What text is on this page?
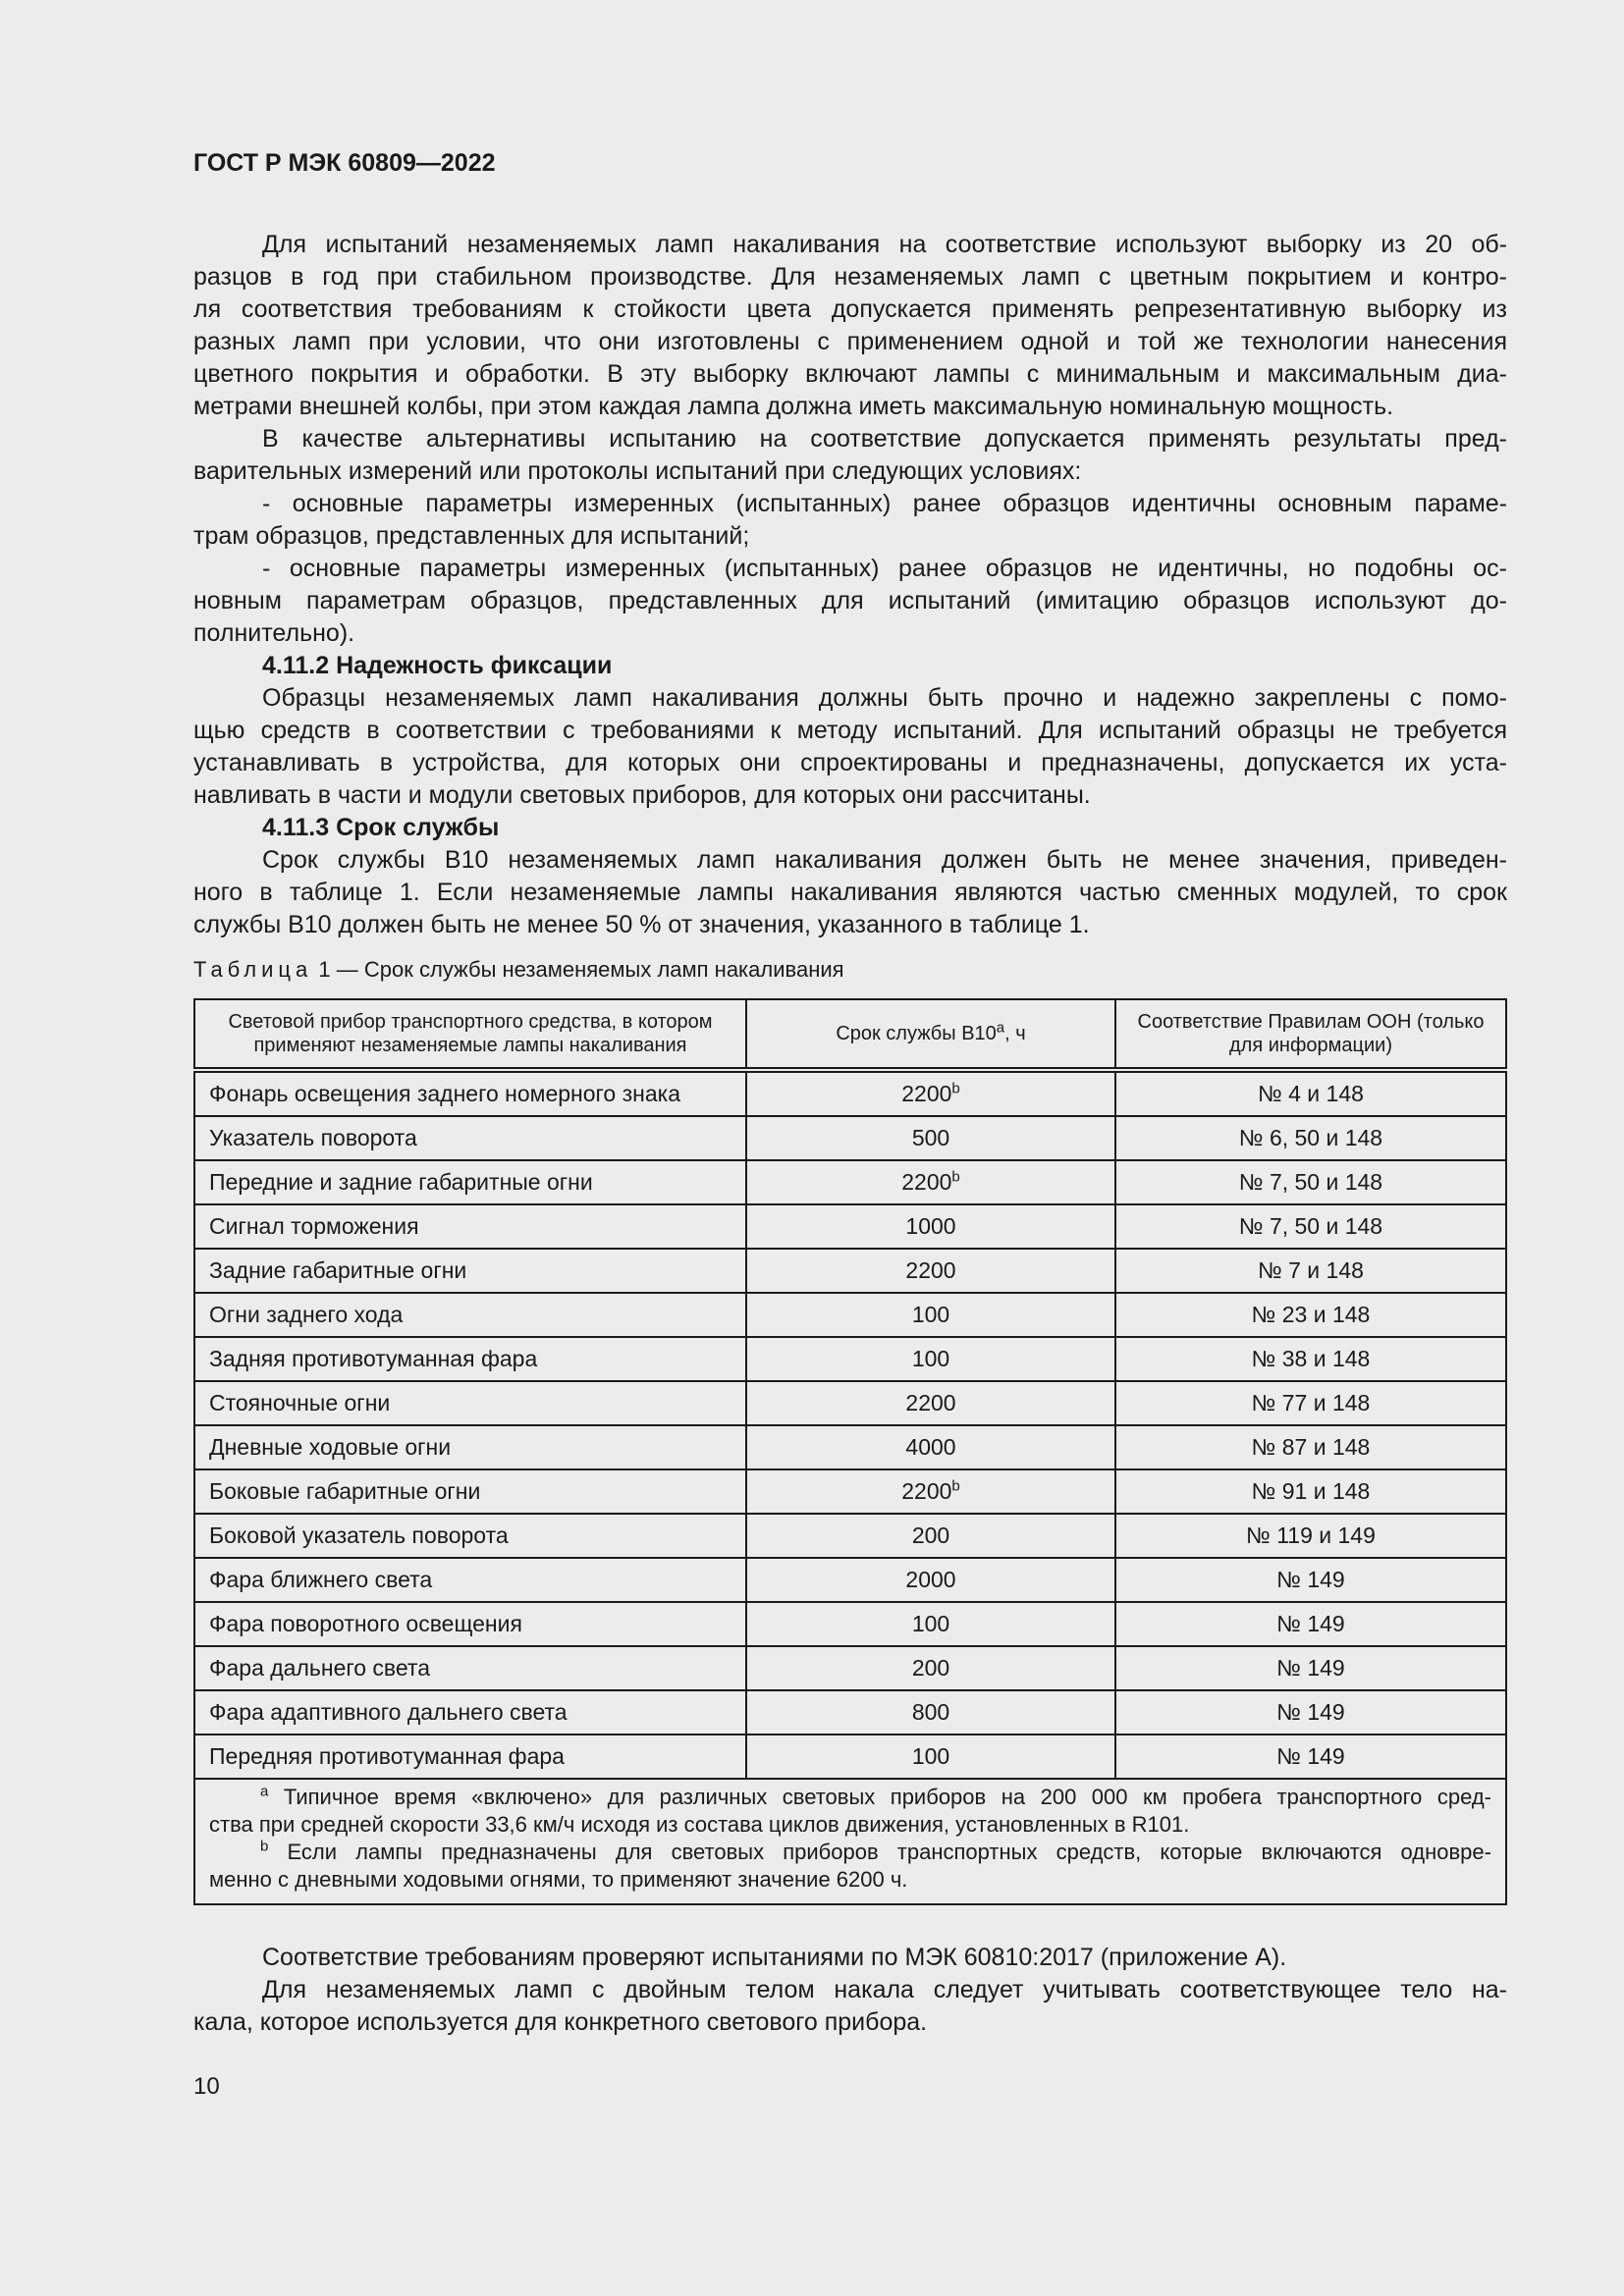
ГОСТ Р МЭК 60809—2022
Для испытаний незаменяемых ламп накаливания на соответствие используют выборку из 20 об-
разцов в год при стабильном производстве. Для незаменяемых ламп с цветным покрытием и контро-
ля соответствия требованиям к стойкости цвета допускается применять репрезентативную выборку из
разных ламп при условии, что они изготовлены с применением одной и той же технологии нанесения
цветного покрытия и обработки. В эту выборку включают лампы с минимальным и максимальным диа-
метрами внешней колбы, при этом каждая лампа должна иметь максимальную номинальную мощность.
В качестве альтернативы испытанию на соответствие допускается применять результаты пред-
варительных измерений или протоколы испытаний при следующих условиях:
- основные параметры измеренных (испытанных) ранее образцов идентичны основным параме-
трам образцов, представленных для испытаний;
- основные параметры измеренных (испытанных) ранее образцов не идентичны, но подобны ос-
новным параметрам образцов, представленных для испытаний (имитацию образцов используют до-
полнительно).
4.11.2 Надежность фиксации
Образцы незаменяемых ламп накаливания должны быть прочно и надежно закреплены с помо-
щью средств в соответствии с требованиями к методу испытаний. Для испытаний образцы не требуется
устанавливать в устройства, для которых они спроектированы и предназначены, допускается их уста-
навливать в части и модули световых приборов, для которых они рассчитаны.
4.11.3 Срок службы
Срок службы В10 незаменяемых ламп накаливания должен быть не менее значения, приведен-
ного в таблице 1. Если незаменяемые лампы накаливания являются частью сменных модулей, то срок
службы В10 должен быть не менее 50 % от значения, указанного в таблице 1.
Таблица 1 — Срок службы незаменяемых ламп накаливания
Световой прибор транспортного средства, в котором применяют незаменяемые лампы накаливания	Срок службы В10$^a$, ч	Соответствие Правилам ООН (только для информации)
Фонарь освещения заднего номерного знака	2200$^b$	№ 4 и 148
Указатель поворота	500	№ 6, 50 и 148
Передние и задние габаритные огни	2200$^b$	№ 7, 50 и 148
Сигнал торможения	1000	№ 7, 50 и 148
Задние габаритные огни	2200	№ 7 и 148
Огни заднего хода	100	№ 23 и 148
Задняя противотуманная фара	100	№ 38 и 148
Стояночные огни	2200	№ 77 и 148
Дневные ходовые огни	4000	№ 87 и 148
Боковые габаритные огни	2200$^b$	№ 91 и 148
Боковой указатель поворота	200	№ 119 и 149
Фара ближнего света	2000	№ 149
Фара поворотного освещения	100	№ 149
Фара дальнего света	200	№ 149
Фара адаптивного дальнего света	800	№ 149
Передняя противотуманная фара	100	№ 149

$^a$ Типичное время «включено» для различных световых приборов на 200 000 км пробега транспортного сред-
ства при средней скорости 33,6 км/ч исходя из состава циклов движения, установленных в R101.
$^b$ Если лампы предназначены для световых приборов транспортных средств, которые включаются одновре-
менно с дневными ходовыми огнями, то применяют значение 6200 ч.		
Соответствие требованиям проверяют испытаниями по МЭК 60810:2017 (приложение А).
Для незаменяемых ламп с двойным телом накала следует учитывать соответствующее тело на-
кала, которое используется для конкретного светового прибора.
10
